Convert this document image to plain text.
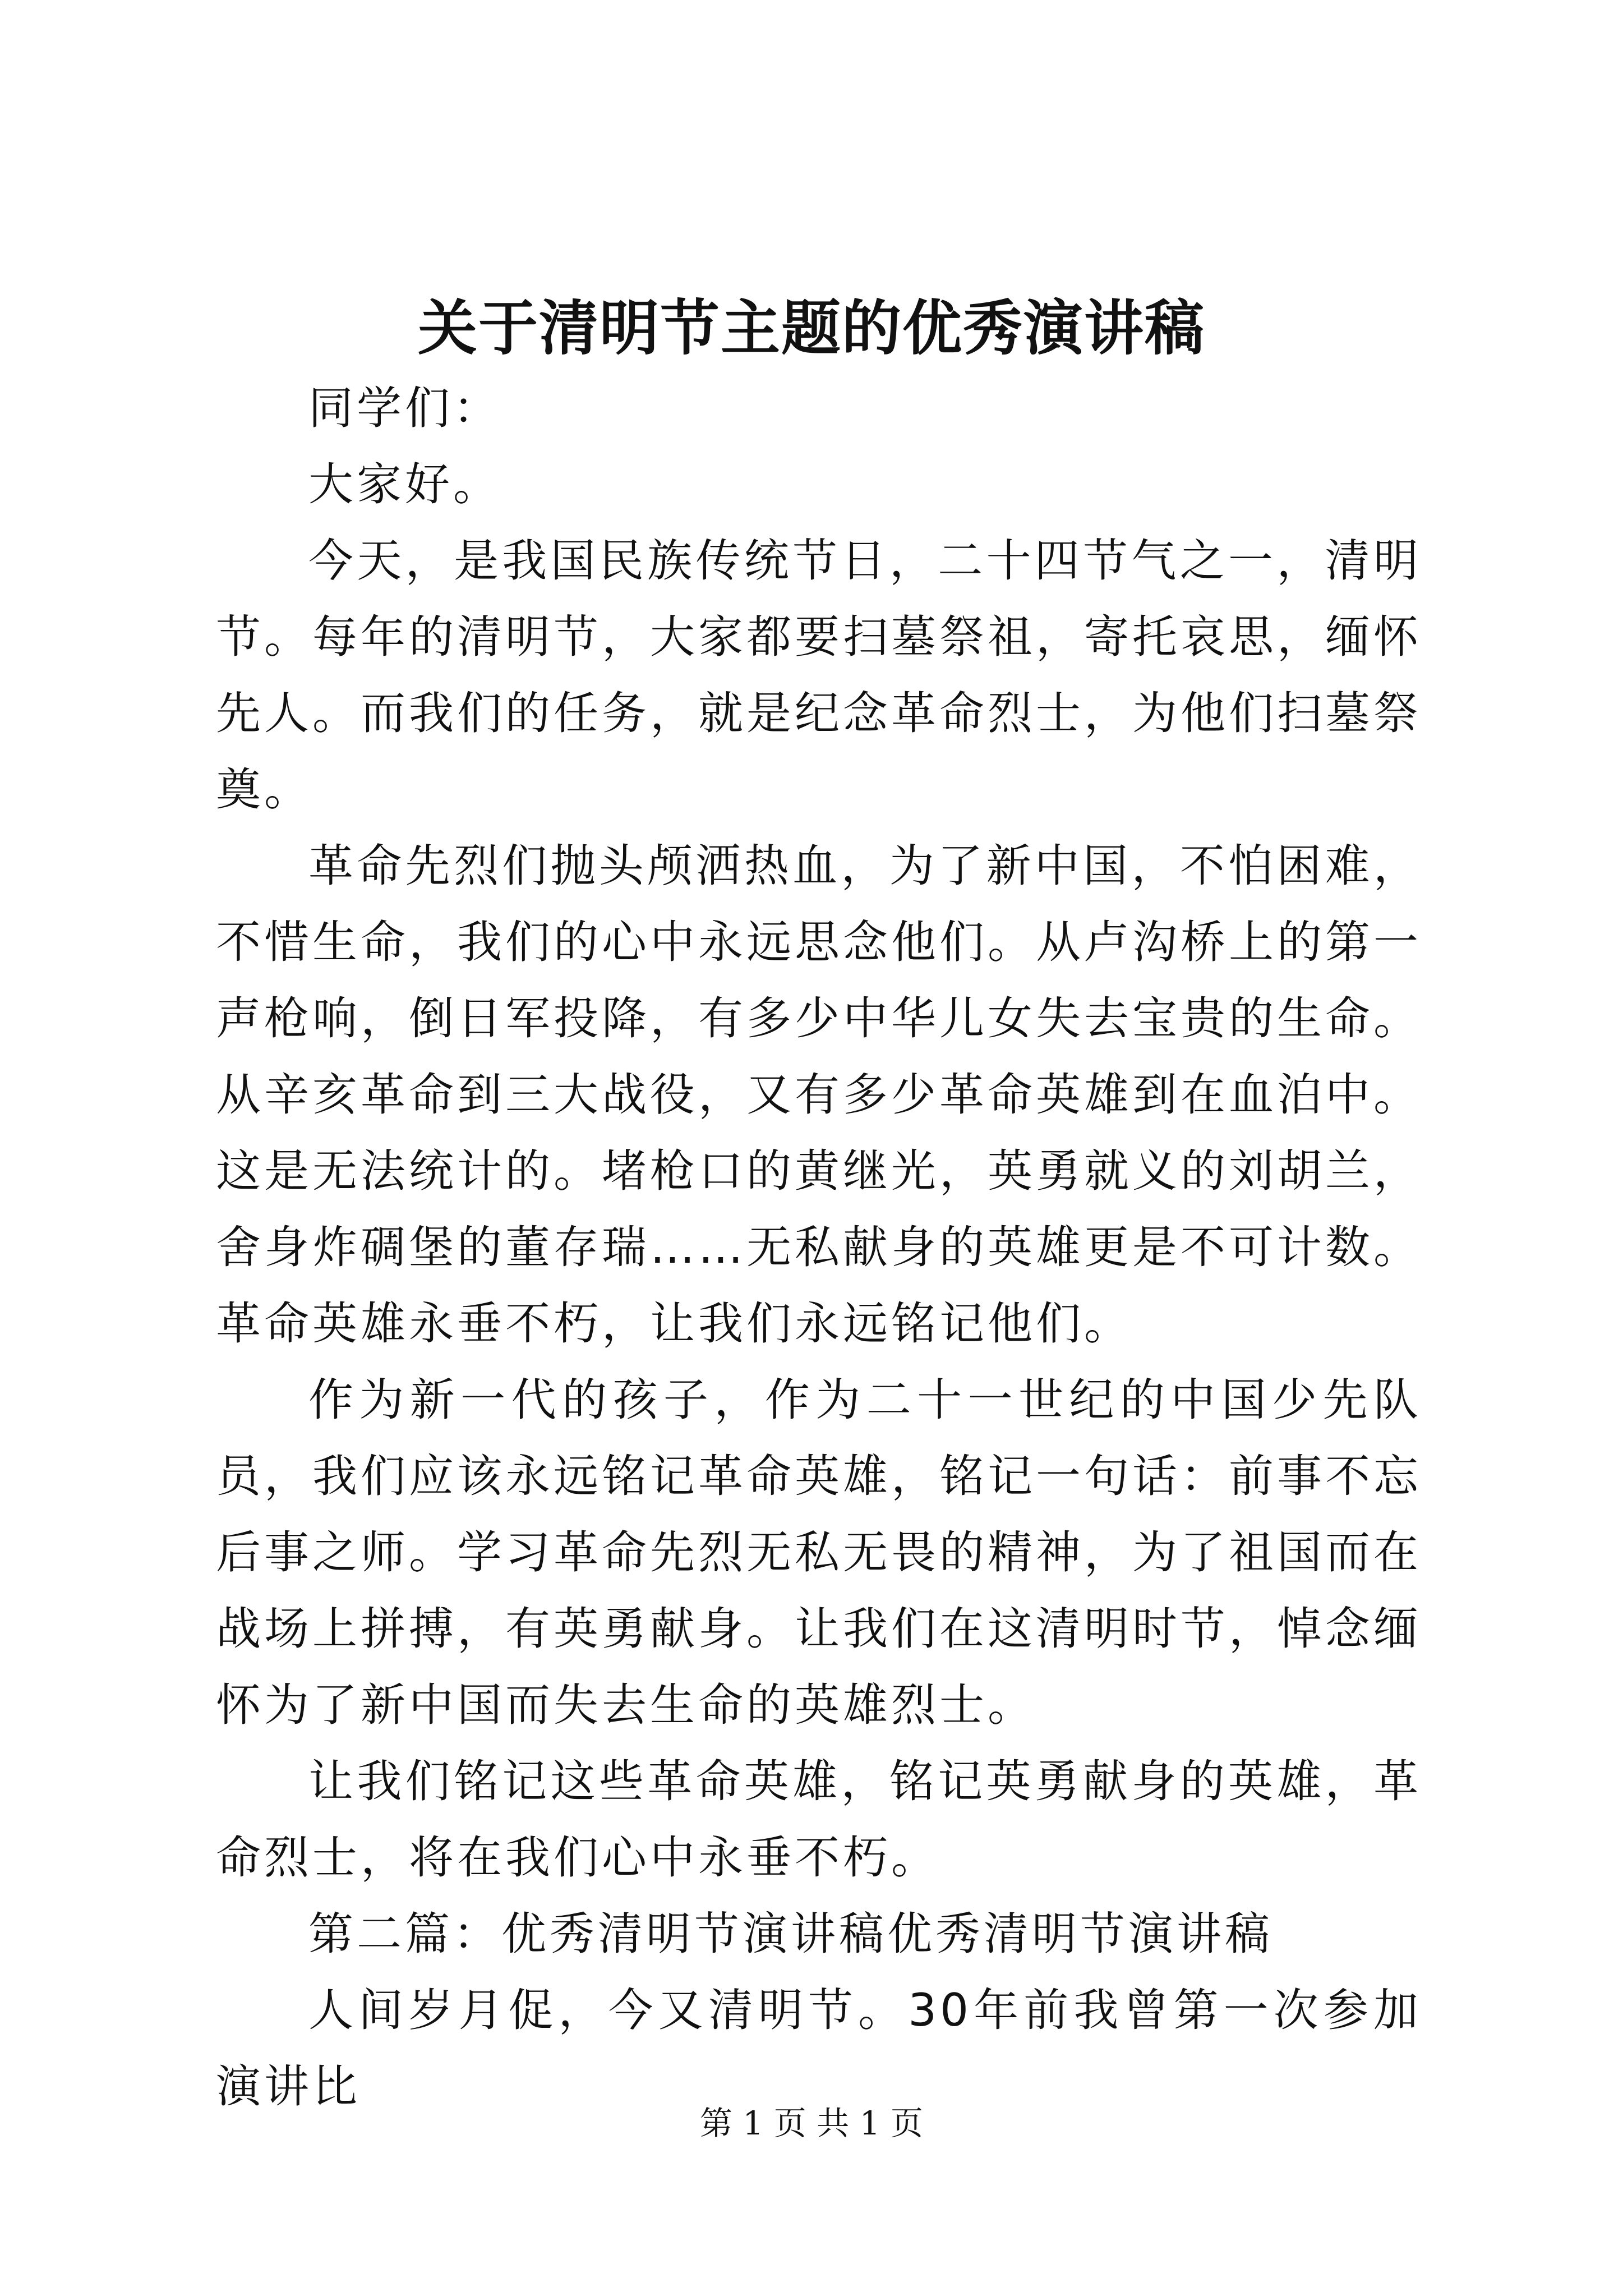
关于清明节主题的优秀演讲稿

同学们：

大家好。

今天，是我国民族传统节日，二十四节气之一，清明节。每年的清明节，大家都要扫墓祭祖，寄托哀思，缅怀先人。而我们的任务，就是纪念革命烈士，为他们扫墓祭奠。

革命先烈们抛头颅洒热血，为了新中国，不怕困难，不惜生命，我们的心中永远思念他们。从卢沟桥上的第一声枪响，倒日军投降，有多少中华儿女失去宝贵的生命。从辛亥革命到三大战役，又有多少革命英雄到在血泊中。这是无法统计的。堵枪口的黄继光，英勇就义的刘胡兰，舍身炸碉堡的董存瑞……无私献身的英雄更是不可计数。革命英雄永垂不朽，让我们永远铭记他们。

作为新一代的孩子，作为二十一世纪的中国少先队员，我们应该永远铭记革命英雄，铭记一句话：前事不忘后事之师。学习革命先烈无私无畏的精神，为了祖国而在战场上拼搏，有英勇献身。让我们在这清明时节，悼念缅怀为了新中国而失去生命的英雄烈士。

让我们铭记这些革命英雄，铭记英勇献身的英雄，革命烈士，将在我们心中永垂不朽。

第二篇：优秀清明节演讲稿优秀清明节演讲稿

人间岁月促，今又清明节。30年前我曾第一次参加演讲比

第 1 页 共 1 页
